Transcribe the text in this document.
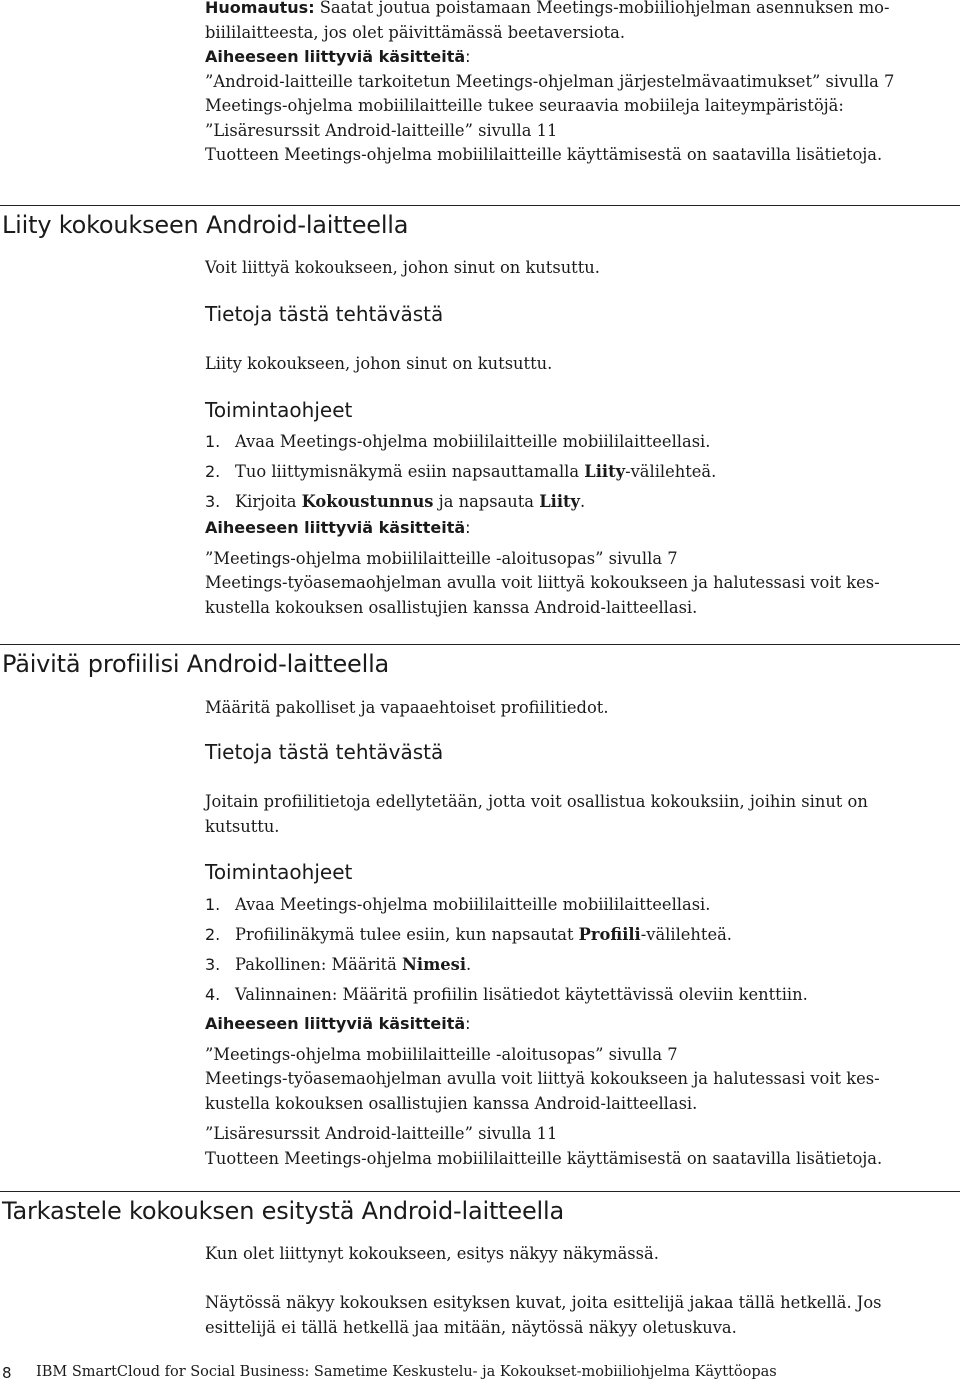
Huomautus: Saatat joutua poistamaan Meetings-mobiiliohjelman asennuksen mo-

biililaitteesta, jos olet päivittämässä beetaversiota.

Aiheeseen liittyviä käsitteitä:

”Android-laitteille tarkoitetun Meetings-ohjelman järjestelmävaatimukset” sivulla 7

Meetings-ohjelma mobiililaitteille tukee seuraavia mobiileja laiteympäristöjä:

”Lisäresurssit Android-laitteille” sivulla 11

Tuotteen Meetings-ohjelma mobiililaitteille käyttämisestä on saatavilla lisätietoja.

Liity kokoukseen Android-laitteella

Voit liittyä kokoukseen, johon sinut on kutsuttu.

Tietoja tästä tehtävästä

Liity kokoukseen, johon sinut on kutsuttu.

Toimintaohjeet

1. Avaa Meetings-ohjelma mobiililaitteille mobiililaitteellasi.

2. Tuo liittymisnäkymä esiin napsauttamalla Liity-välilehteä.

3. Kirjoita Kokoustunnus ja napsauta Liity.

Aiheeseen liittyviä käsitteitä:

”Meetings-ohjelma mobiililaitteille -aloitusopas” sivulla 7

Meetings-työasemaohjelman avulla voit liittyä kokoukseen ja halutessasi voit kes-

kustella kokouksen osallistujien kanssa Android-laitteellasi.

Päivitä profiilisi Android-laitteella

Määritä pakolliset ja vapaaehtoiset profiilitiedot.

Tietoja tästä tehtävästä

Joitain profiilitietoja edellytetään, jotta voit osallistua kokouksiin, joihin sinut on

kutsuttu.

Toimintaohjeet

1. Avaa Meetings-ohjelma mobiililaitteille mobiililaitteellasi.

2. Profiilinäkymä tulee esiin, kun napsautat Profiili-välilehteä.

3. Pakollinen: Määritä Nimesi.

4. Valinnainen: Määritä profiilin lisätiedot käytettävissä oleviin kenttiin.

Aiheeseen liittyviä käsitteitä:

”Meetings-ohjelma mobiililaitteille -aloitusopas” sivulla 7

Meetings-työasemaohjelman avulla voit liittyä kokoukseen ja halutessasi voit kes-

kustella kokouksen osallistujien kanssa Android-laitteellasi.

”Lisäresurssit Android-laitteille” sivulla 11

Tuotteen Meetings-ohjelma mobiililaitteille käyttämisestä on saatavilla lisätietoja.

Tarkastele kokouksen esitystä Android-laitteella

Kun olet liittynyt kokoukseen, esitys näkyy näkymässä.

Näytössä näkyy kokouksen esityksen kuvat, joita esittelijä jakaa tällä hetkellä. Jos

esittelijä ei tällä hetkellä jaa mitään, näytössä näkyy oletuskuva.

8 IBM SmartCloud for Social Business: Sametime Keskustelu- ja Kokoukset-mobiiliohjelma Käyttöopas
